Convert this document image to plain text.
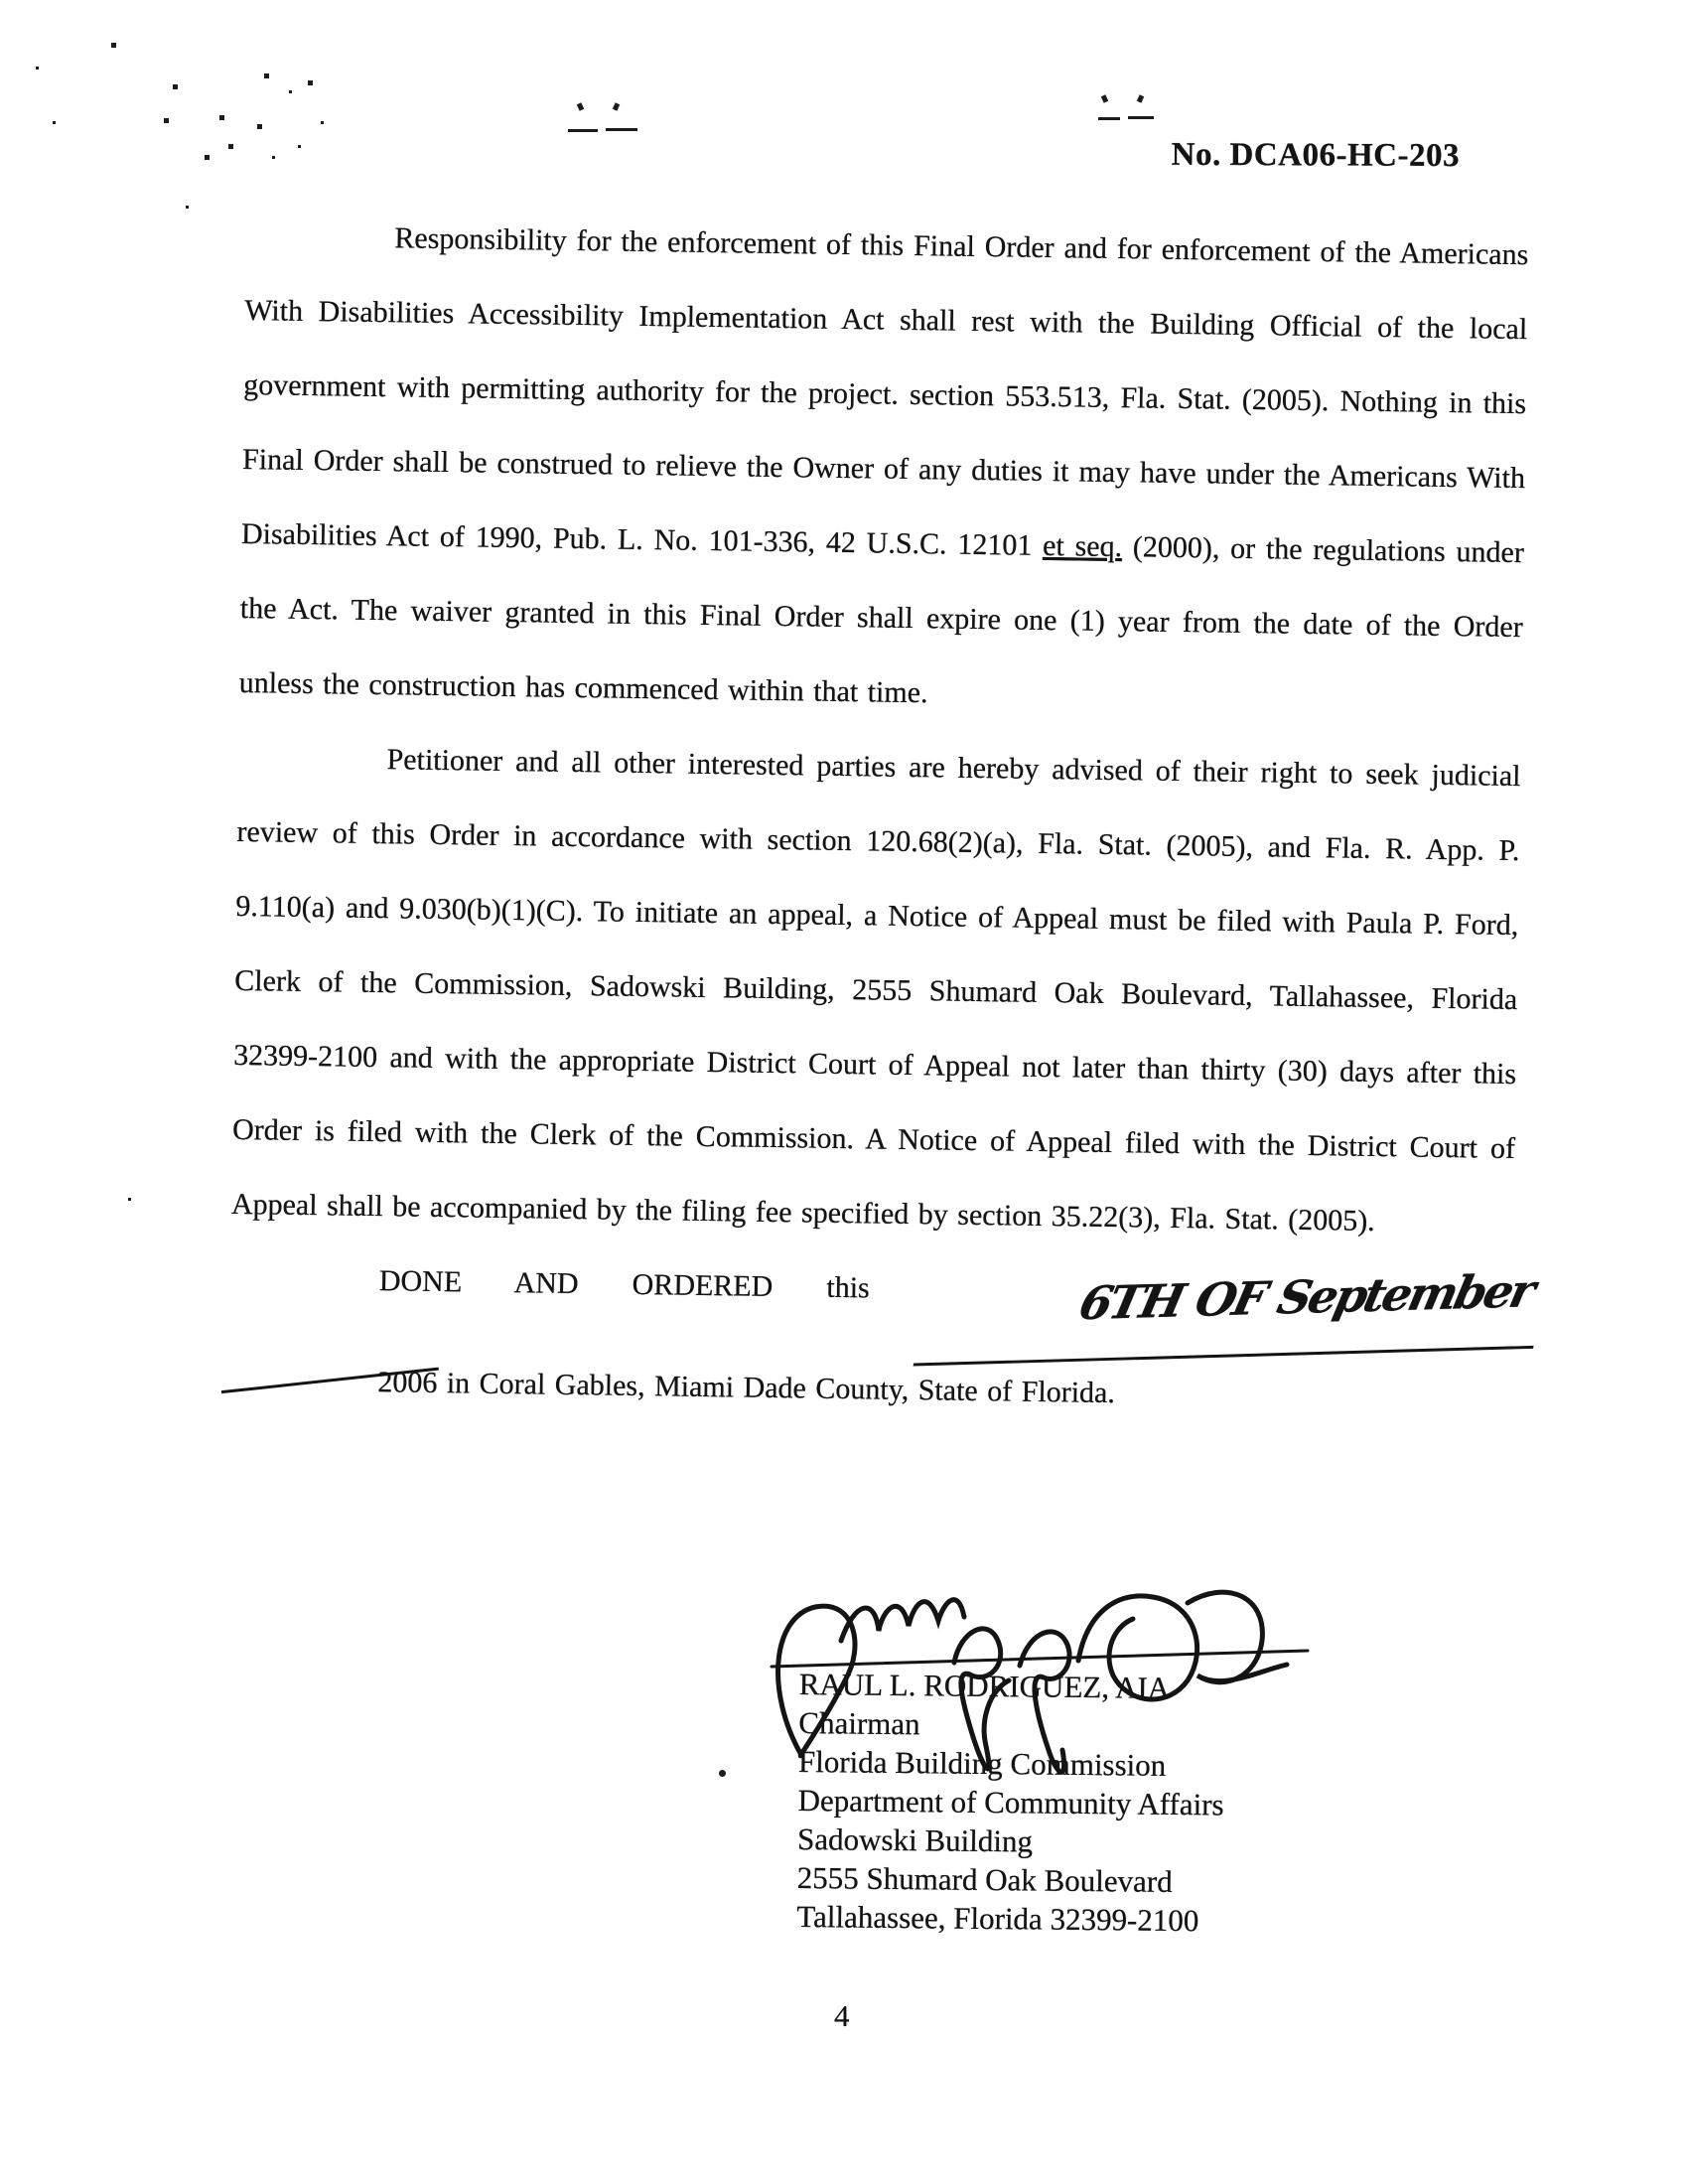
No. DCA06-HC-203

Responsibility for the enforcement of this Final Order and for enforcement of the Americans With Disabilities Accessibility Implementation Act shall rest with the Building Official of the local government with permitting authority for the project. section 553.513, Fla. Stat. (2005). Nothing in this Final Order shall be construed to relieve the Owner of any duties it may have under the Americans With Disabilities Act of 1990, Pub. L. No. 101-336, 42 U.S.C. 12101 et seq. (2000), or the regulations under the Act. The waiver granted in this Final Order shall expire one (1) year from the date of the Order unless the construction has commenced within that time.

Petitioner and all other interested parties are hereby advised of their right to seek judicial review of this Order in accordance with section 120.68(2)(a), Fla. Stat. (2005), and Fla. R. App. P. 9.110(a) and 9.030(b)(1)(C). To initiate an appeal, a Notice of Appeal must be filed with Paula P. Ford, Clerk of the Commission, Sadowski Building, 2555 Shumard Oak Boulevard, Tallahassee, Florida 32399-2100 and with the appropriate District Court of Appeal not later than thirty (30) days after this Order is filed with the Clerk of the Commission. A Notice of Appeal filed with the District Court of Appeal shall be accompanied by the filing fee specified by section 35.22(3), Fla. Stat. (2005).

DONE AND ORDERED this	6TH OF September2006 in Coral Gables, Miami Dade County, State of Florida.

RAUL L. RODRIGUEZ, AIA

Chairman

Florida Building Commission

Department of Community Affairs

Sadowski Building

2555 Shumard Oak Boulevard

Tallahassee, Florida 32399-2100

4
